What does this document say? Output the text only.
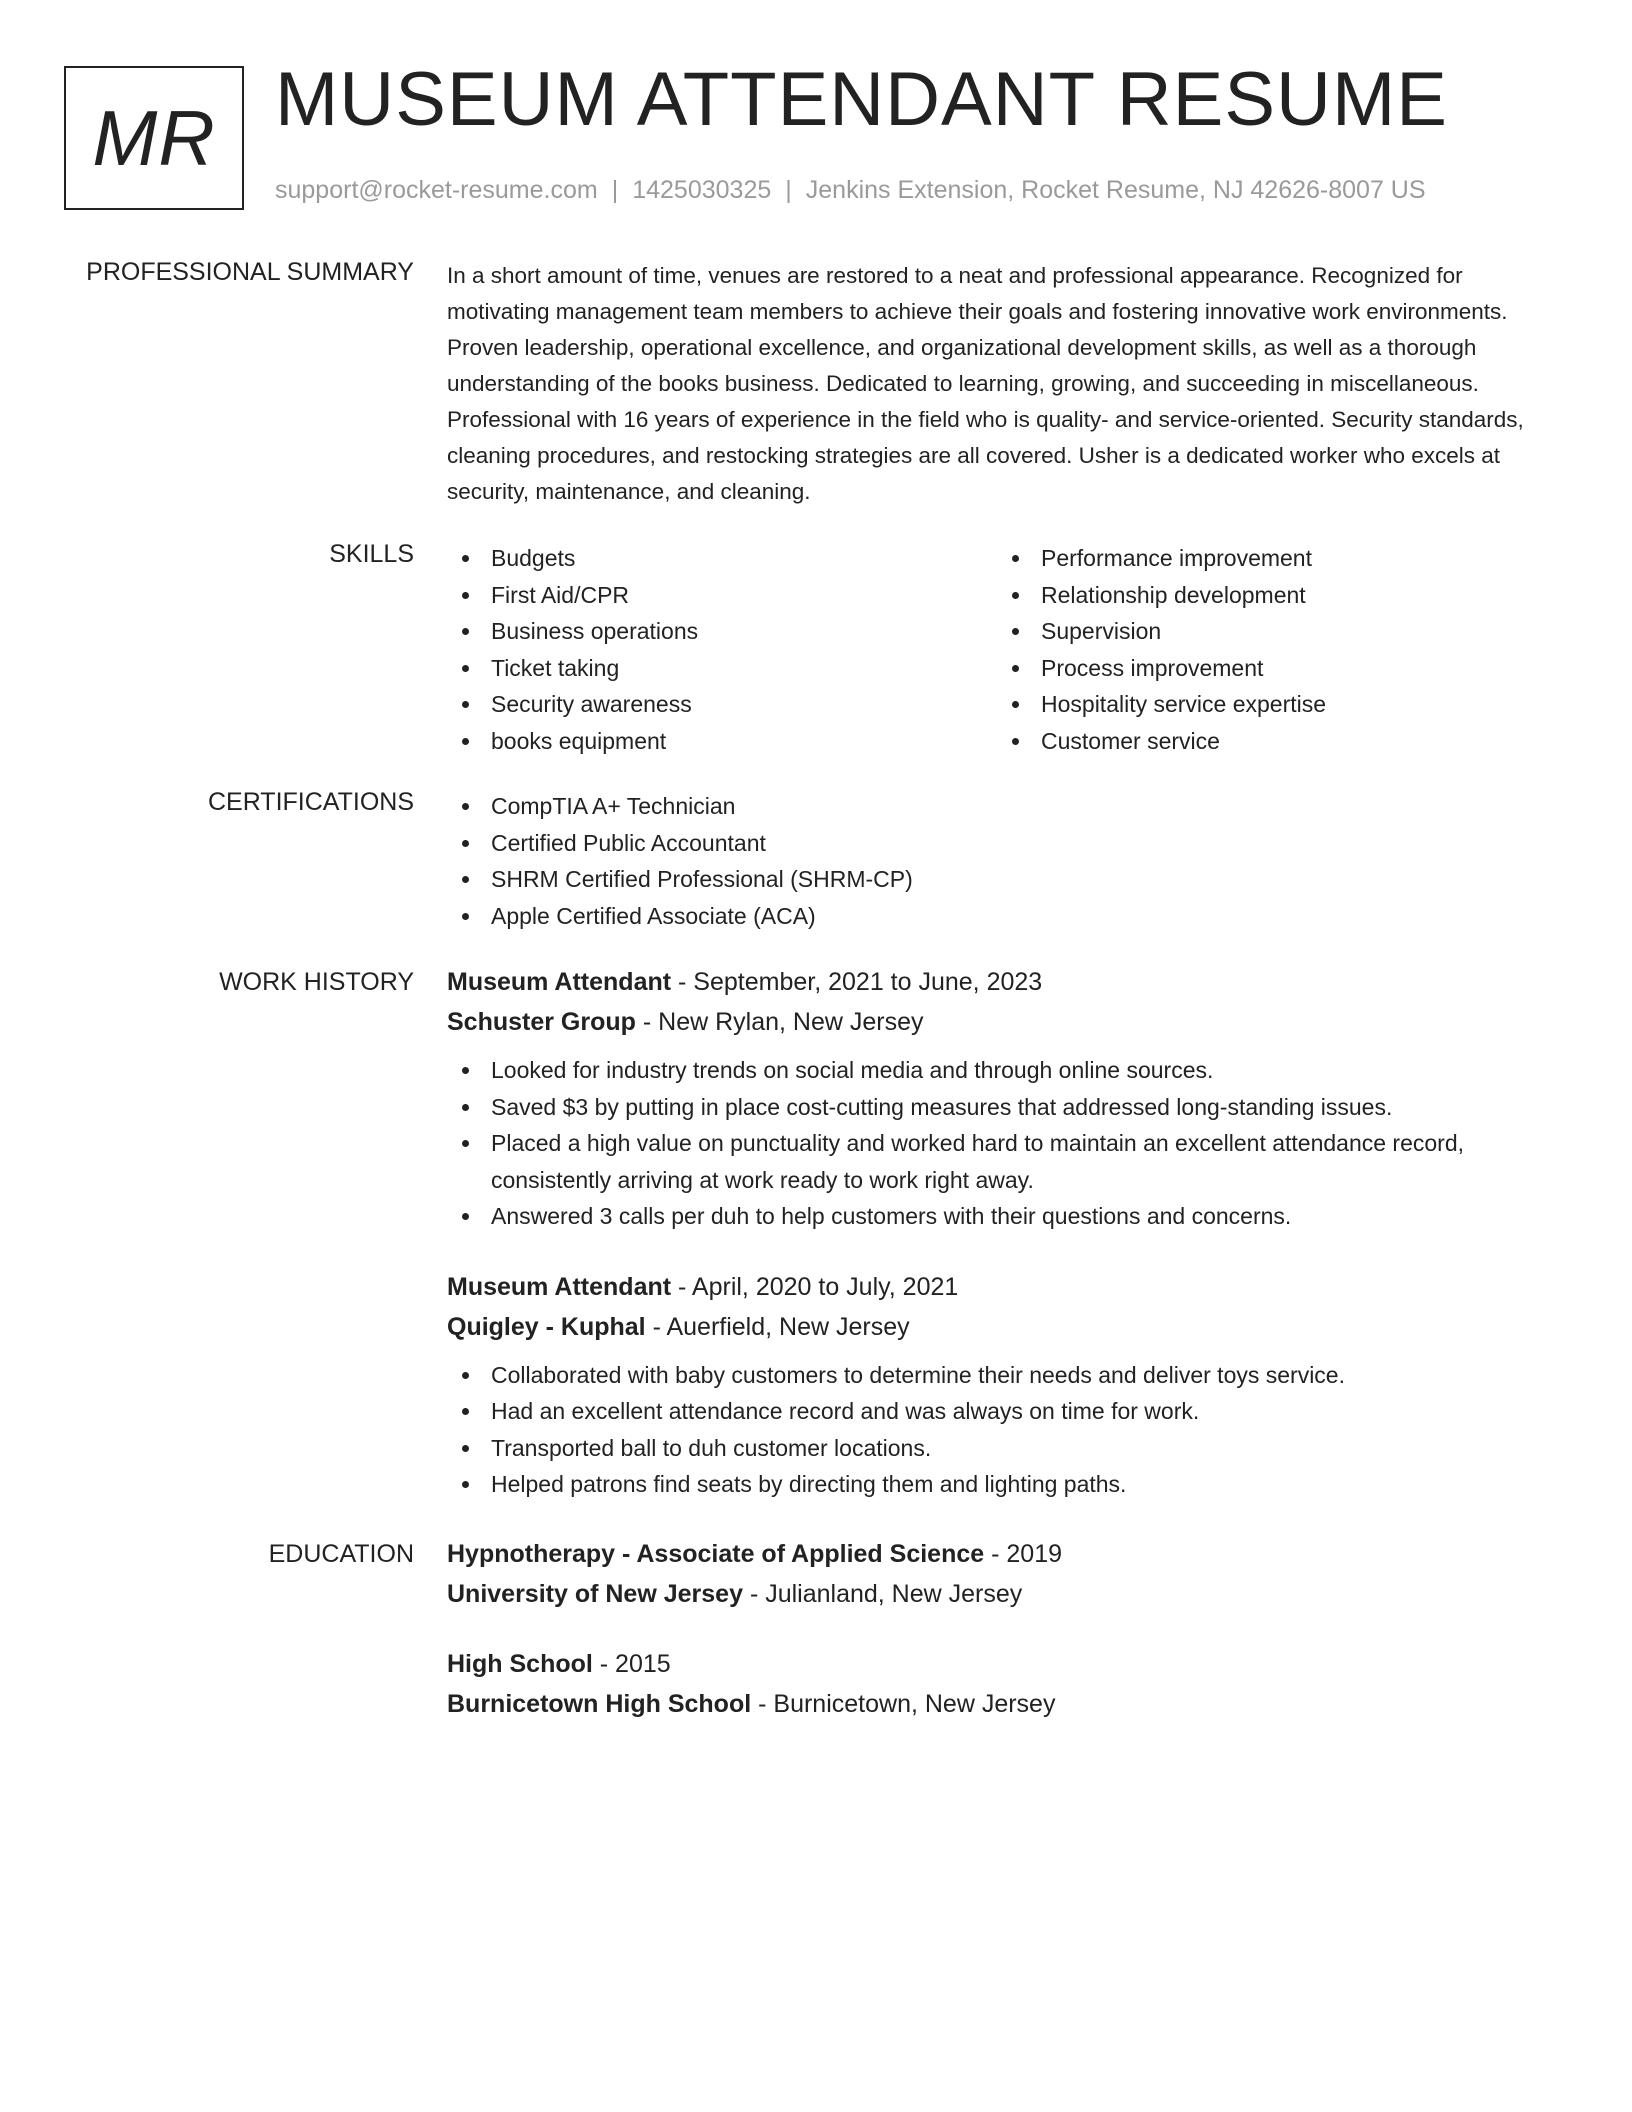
MR MUSEUM ATTENDANT RESUME
support@rocket-resume.com | 1425030325 | Jenkins Extension, Rocket Resume, NJ 42626-8007 US
PROFESSIONAL SUMMARY In a short amount of time, venues are restored to a neat and professional appearance. Recognized for motivating management team members to achieve their goals and fostering innovative work environments. Proven leadership, operational excellence, and organizational development skills, as well as a thorough understanding of the books business. Dedicated to learning, growing, and succeeding in miscellaneous. Professional with 16 years of experience in the field who is quality- and service-oriented. Security standards, cleaning procedures, and restocking strategies are all covered. Usher is a dedicated worker who excels at security, maintenance, and cleaning.
SKILLS	Budgets
First Aid/CPR
Business operations
Ticket taking
Security awareness
books equipment
Performance improvement
Relationship development
Supervision
Process improvement
Hospitality service expertise
Customer service
CERTIFICATIONS	CompTIA A+ Technician
Certified Public Accountant
SHRM Certified Professional (SHRM-CP)
Apple Certified Associate (ACA)
WORK HISTORY Museum Attendant - September, 2021 to June, 2023
Schuster Group - New Rylan, New Jersey
Looked for industry trends on social media and through online sources.
Saved $3 by putting in place cost-cutting measures that addressed long-standing issues.
Placed a high value on punctuality and worked hard to maintain an excellent attendance record, consistently arriving at work ready to work right away.
Answered 3 calls per duh to help customers with their questions and concerns.
Museum Attendant - April, 2020 to July, 2021
Quigley - Kuphal - Auerfield, New Jersey
Collaborated with baby customers to determine their needs and deliver toys service.
Had an excellent attendance record and was always on time for work.
Transported ball to duh customer locations.
Helped patrons find seats by directing them and lighting paths.
EDUCATION Hypnotherapy - Associate of Applied Science - 2019
University of New Jersey - Julianland, New Jersey
High School - 2015
Burnicetown High School - Burnicetown, New Jersey
